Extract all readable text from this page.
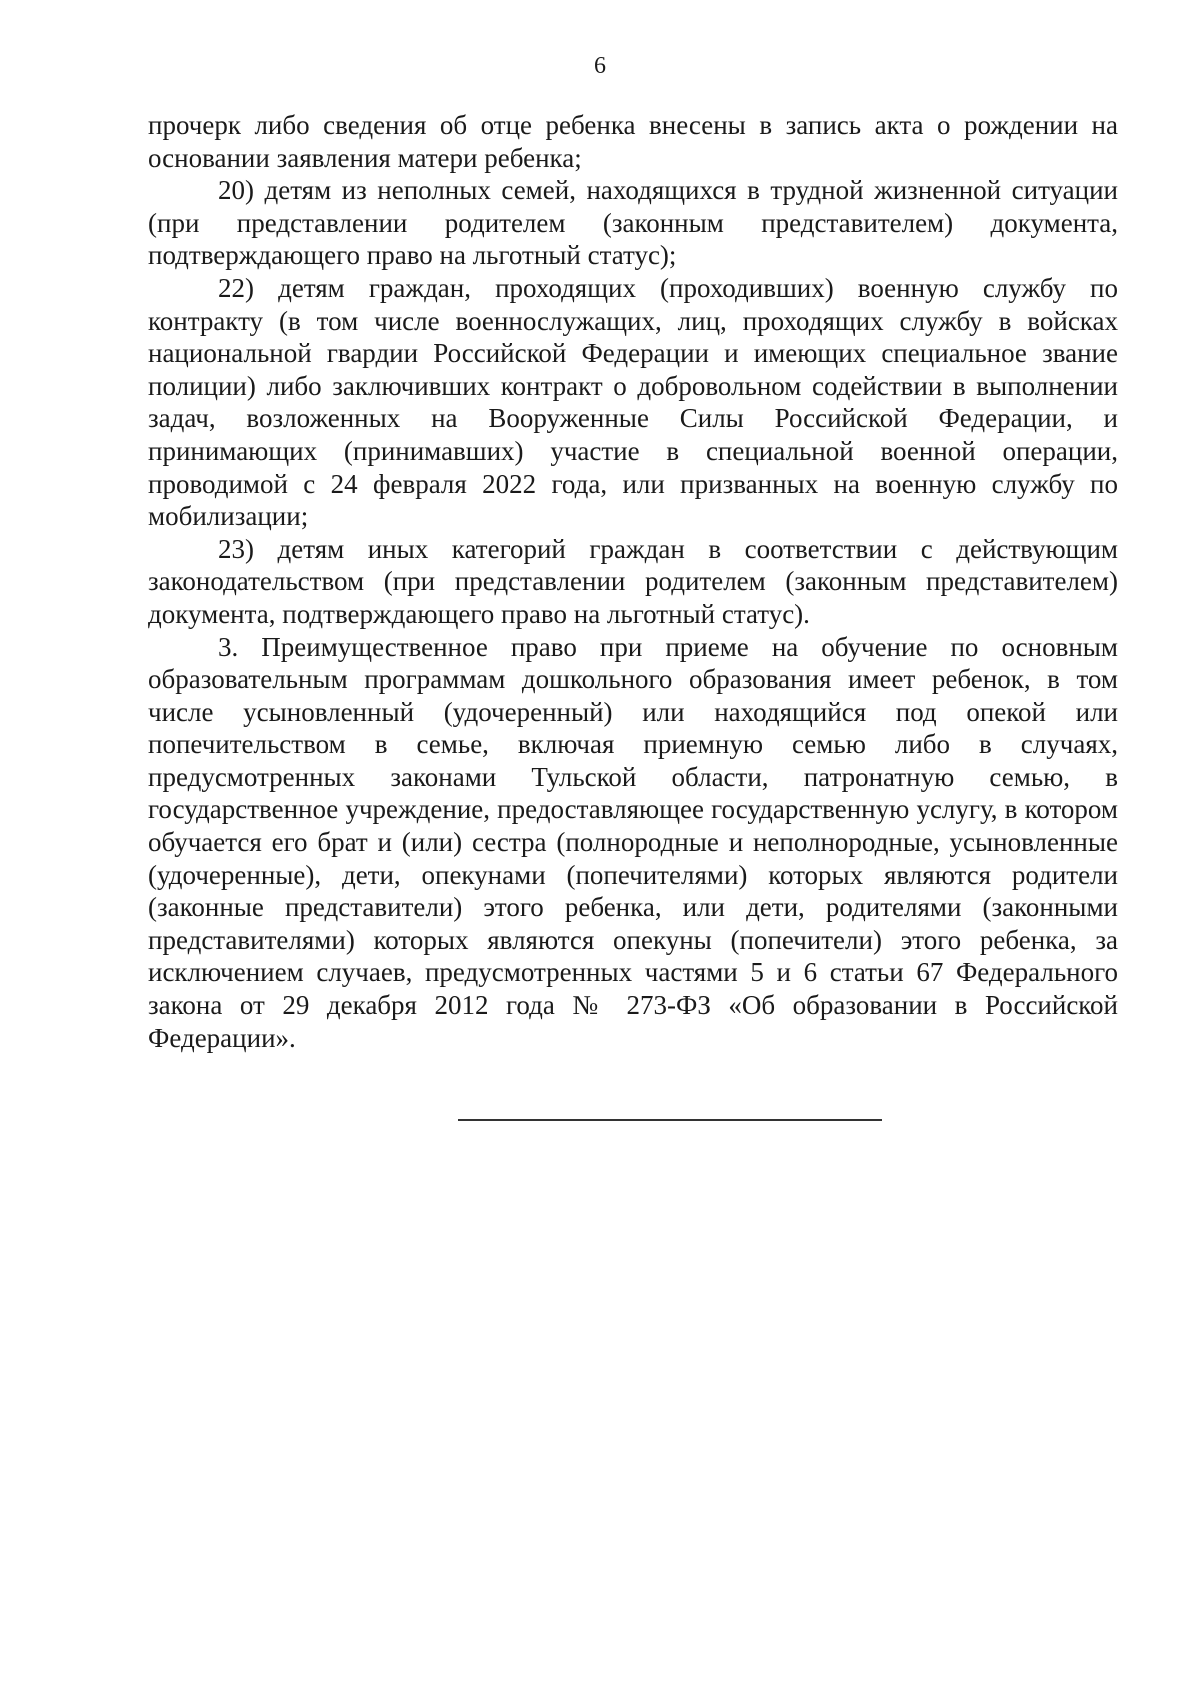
6

прочерк либо сведения об отце ребенка внесены в запись акта о рождении на основании заявления матери ребенка;

20) детям из неполных семей, находящихся в трудной жизненной ситуации (при представлении родителем (законным представителем) документа, подтверждающего право на льготный статус);

22) детям граждан, проходящих (проходивших) военную службу по контракту (в том числе военнослужащих, лиц, проходящих службу в войсках национальной гвардии Российской Федерации и имеющих специальное звание полиции) либо заключивших контракт о добровольном содействии в выполнении задач, возложенных на Вооруженные Силы Российской Федерации, и принимающих (принимавших) участие в специальной военной операции, проводимой с 24 февраля 2022 года, или призванных на военную службу по мобилизации;

23) детям иных категорий граждан в соответствии с действующим законодательством (при представлении родителем (законным представителем) документа, подтверждающего право на льготный статус).

3. Преимущественное право при приеме на обучение по основным образовательным программам дошкольного образования имеет ребенок, в том числе усыновленный (удочеренный) или находящийся под опекой или попечительством в семье, включая приемную семью либо в случаях, предусмотренных законами Тульской области, патронатную семью, в государственное учреждение, предоставляющее государственную услугу, в котором обучается его брат и (или) сестра (полнородные и неполнородные, усыновленные (удочеренные), дети, опекунами (попечителями) которых являются родители (законные представители) этого ребенка, или дети, родителями (законными представителями) которых являются опекуны (попечители) этого ребенка, за исключением случаев, предусмотренных частями 5 и 6 статьи 67 Федерального закона от 29 декабря 2012 года № 273-ФЗ «Об образовании в Российской Федерации».
